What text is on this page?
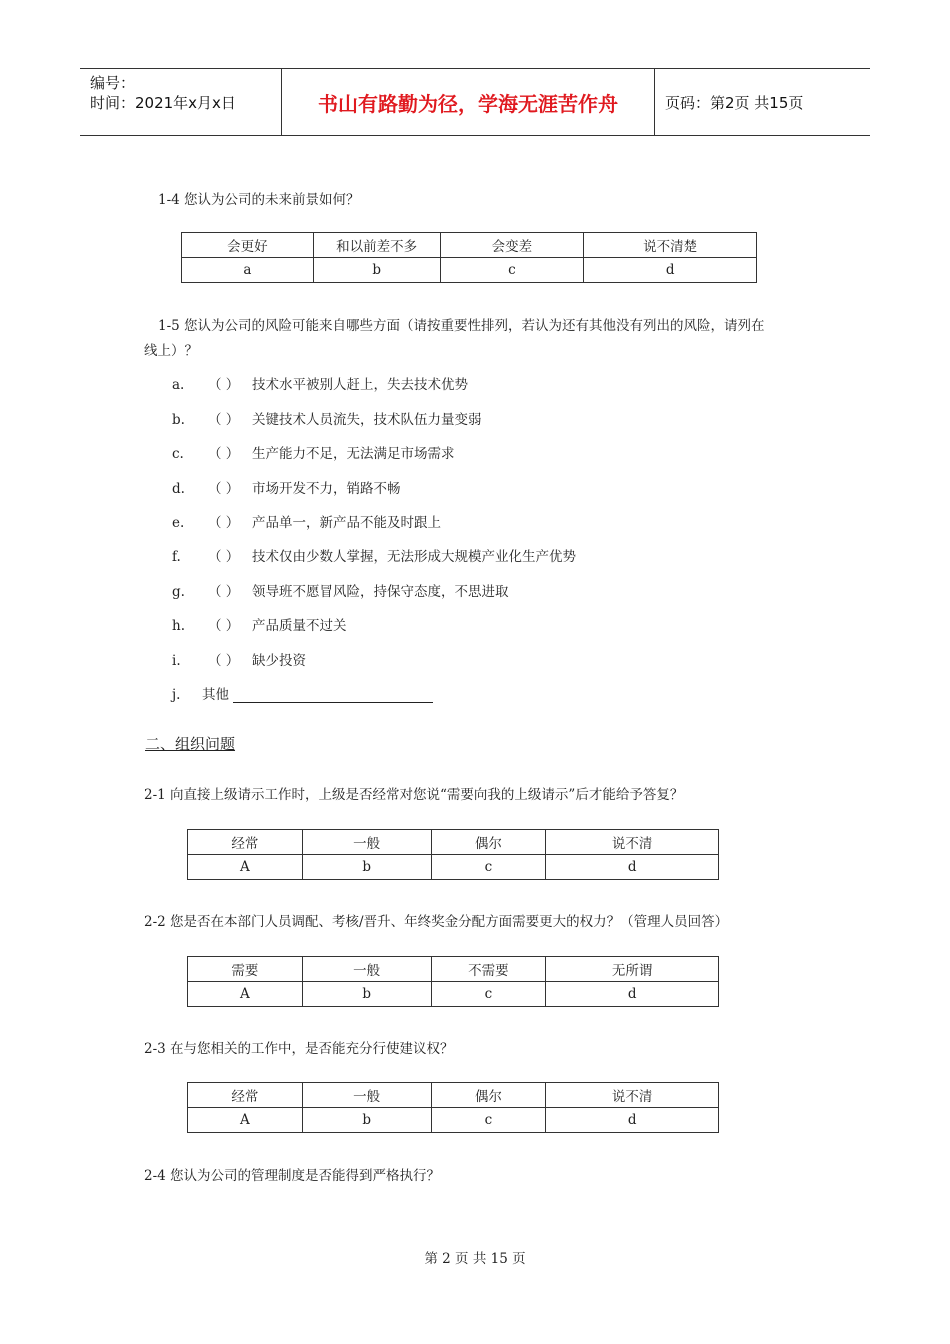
编号：
时间：2021年x月x日	书山有路勤为径，学海无涯苦作舟	页码：第2页 共15页
1-4 您认为公司的未来前景如何？
会更好	和以前差不多	会变差	说不清楚
a	b	c	d
1-5 您认为公司的风险可能来自哪些方面（请按重要性排列，若认为还有其他没有列出的风险，请列在
线上）？
a. （ ） 技术水平被别人赶上，失去技术优势
b. （ ） 关键技术人员流失，技术队伍力量变弱
c. （ ） 生产能力不足，无法满足市场需求
d. （ ） 市场开发不力，销路不畅
e. （ ） 产品单一，新产品不能及时跟上
f. （ ） 技术仅由少数人掌握，无法形成大规模产业化生产优势
g. （ ） 领导班不愿冒风险，持保守态度，不思进取
h. （ ） 产品质量不过关
i. （ ） 缺少投资
j. 其他
二、组织问题
2-1 向直接上级请示工作时，上级是否经常对您说“需要向我的上级请示”后才能给予答复？
经常	一般	偶尔	说不清
A	b	c	d
2-2 您是否在本部门人员调配、考核/晋升、年终奖金分配方面需要更大的权力？（管理人员回答）
需要	一般	不需要	无所谓
A	b	c	d
2-3 在与您相关的工作中，是否能充分行使建议权？
经常	一般	偶尔	说不清
A	b	c	d
2-4 您认为公司的管理制度是否能得到严格执行？
第 2 页 共 15 页
